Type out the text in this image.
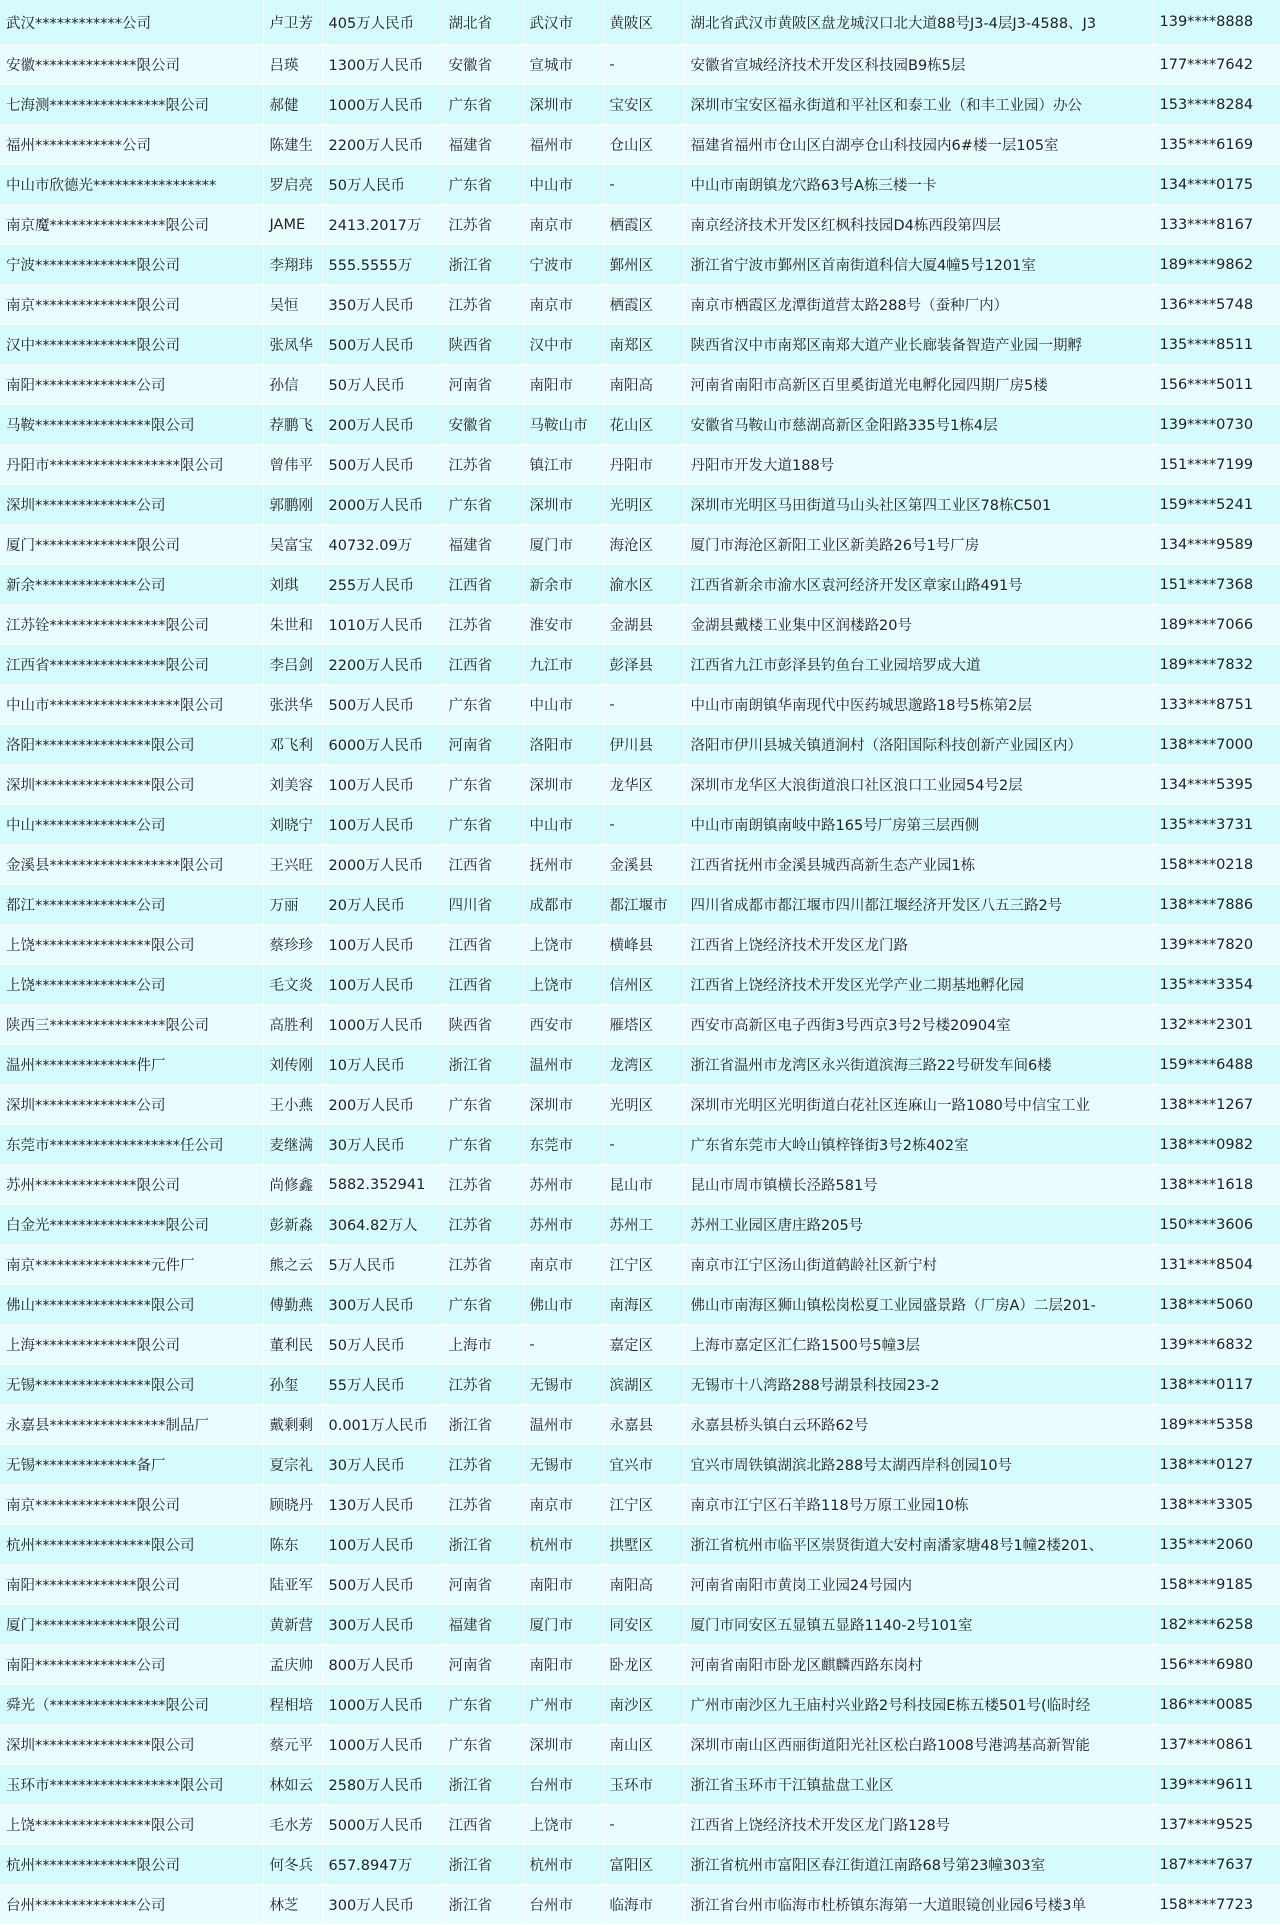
武汉************公司	卢卫芳	405万人民币	湖北省	武汉市	黄陂区	湖北省武汉市黄陂区盘龙城汉口北大道88号J3-4层J3-4588、J3	139****8888
安徽**************限公司	吕瑛	1300万人民币	安徽省	宣城市	-	安徽省宣城经济技术开发区科技园B9栋5层	177****7642
七海测****************限公司	郝健	1000万人民币	广东省	深圳市	宝安区	深圳市宝安区福永街道和平社区和泰工业（和丰工业园）办公	153****8284
福州************公司	陈建生	2200万人民币	福建省	福州市	仓山区	福建省福州市仓山区白湖亭仓山科技园内6#楼一层105室	135****6169
中山市欣德光*****************	罗启亮	50万人民币	广东省	中山市	-	中山市南朗镇龙穴路63号A栋三楼一卡	134****0175
南京魔****************限公司	JAME	2413.2017万	江苏省	南京市	栖霞区	南京经济技术开发区红枫科技园D4栋西段第四层	133****8167
宁波**************限公司	李翔玮	555.5555万	浙江省	宁波市	鄞州区	浙江省宁波市鄞州区首南街道科信大厦4幢5号1201室	189****9862
南京**************限公司	吴恒	350万人民币	江苏省	南京市	栖霞区	南京市栖霞区龙潭街道营太路288号（蚕种厂内）	136****5748
汉中**************限公司	张凤华	500万人民币	陕西省	汉中市	南郑区	陕西省汉中市南郑区南郑大道产业长廊装备智造产业园一期孵	135****8511
南阳**************公司	孙信	50万人民币	河南省	南阳市	南阳高	河南省南阳市高新区百里奚街道光电孵化园四期厂房5楼	156****5011
马鞍****************限公司	荐鹏飞	200万人民币	安徽省	马鞍山市	花山区	安徽省马鞍山市慈湖高新区金阳路335号1栋4层	139****0730
丹阳市******************限公司	曾伟平	500万人民币	江苏省	镇江市	丹阳市	丹阳市开发大道188号	151****7199
深圳**************公司	郭鹏刚	2000万人民币	广东省	深圳市	光明区	深圳市光明区马田街道马山头社区第四工业区78栋C501	159****5241
厦门**************限公司	吴富宝	40732.09万	福建省	厦门市	海沧区	厦门市海沧区新阳工业区新美路26号1号厂房	134****9589
新余**************公司	刘琪	255万人民币	江西省	新余市	渝水区	江西省新余市渝水区袁河经济开发区章家山路491号	151****7368
江苏铨****************限公司	朱世和	1010万人民币	江苏省	淮安市	金湖县	金湖县戴楼工业集中区润楼路20号	189****7066
江西省****************限公司	李吕剑	2200万人民币	江西省	九江市	彭泽县	江西省九江市彭泽县钓鱼台工业园培罗成大道	189****7832
中山市******************限公司	张洪华	500万人民币	广东省	中山市	-	中山市南朗镇华南现代中医药城思邈路18号5栋第2层	133****8751
洛阳****************限公司	邓飞利	6000万人民币	河南省	洛阳市	伊川县	洛阳市伊川县城关镇逍涧村（洛阳国际科技创新产业园区内）	138****7000
深圳****************限公司	刘美容	100万人民币	广东省	深圳市	龙华区	深圳市龙华区大浪街道浪口社区浪口工业园54号2层	134****5395
中山**************公司	刘晓宁	100万人民币	广东省	中山市	-	中山市南朗镇南岐中路165号厂房第三层西侧	135****3731
金溪县******************限公司	王兴旺	2000万人民币	江西省	抚州市	金溪县	江西省抚州市金溪县城西高新生态产业园1栋	158****0218
都江**************公司	万丽	20万人民币	四川省	成都市	都江堰市	四川省成都市都江堰市四川都江堰经济开发区八五三路2号	138****7886
上饶****************限公司	蔡珍珍	100万人民币	江西省	上饶市	横峰县	江西省上饶经济技术开发区龙门路	139****7820
上饶**************公司	毛文炎	100万人民币	江西省	上饶市	信州区	江西省上饶经济技术开发区光学产业二期基地孵化园	135****3354
陕西三****************限公司	高胜利	1000万人民币	陕西省	西安市	雁塔区	西安市高新区电子西街3号西京3号2号楼20904室	132****2301
温州**************件厂	刘传刚	10万人民币	浙江省	温州市	龙湾区	浙江省温州市龙湾区永兴街道滨海三路22号研发车间6楼	159****6488
深圳**************公司	王小燕	200万人民币	广东省	深圳市	光明区	深圳市光明区光明街道白花社区连麻山一路1080号中信宝工业	138****1267
东莞市******************任公司	麦继满	30万人民币	广东省	东莞市	-	广东省东莞市大岭山镇梓锋街3号2栋402室	138****0982
苏州**************限公司	尚修鑫	5882.352941	江苏省	苏州市	昆山市	昆山市周市镇横长泾路581号	138****1618
白金光****************限公司	彭新淼	3064.82万人	江苏省	苏州市	苏州工	苏州工业园区唐庄路205号	150****3606
南京****************元件厂	熊之云	5万人民币	江苏省	南京市	江宁区	南京市江宁区汤山街道鹤龄社区新宁村	131****8504
佛山****************限公司	傅勤燕	300万人民币	广东省	佛山市	南海区	佛山市南海区狮山镇松岗松夏工业园盛景路（厂房A）二层201-	138****5060
上海**************限公司	董利民	50万人民币	上海市	-	嘉定区	上海市嘉定区汇仁路1500号5幢3层	139****6832
无锡****************限公司	孙玺	55万人民币	江苏省	无锡市	滨湖区	无锡市十八湾路288号湖景科技园23-2	138****0117
永嘉县****************制品厂	戴剩剩	0.001万人民币	浙江省	温州市	永嘉县	永嘉县桥头镇白云环路62号	189****5358
无锡**************备厂	夏宗礼	30万人民币	江苏省	无锡市	宜兴市	宜兴市周铁镇湖滨北路288号太湖西岸科创园10号	138****0127
南京**************限公司	顾晓丹	130万人民币	江苏省	南京市	江宁区	南京市江宁区石羊路118号万原工业园10栋	138****3305
杭州****************限公司	陈东	100万人民币	浙江省	杭州市	拱墅区	浙江省杭州市临平区崇贤街道大安村南潘家塘48号1幢2楼201、	135****2060
南阳**************限公司	陆亚军	500万人民币	河南省	南阳市	南阳高	河南省南阳市黄岗工业园24号园内	158****9185
厦门**************限公司	黄新营	300万人民币	福建省	厦门市	同安区	厦门市同安区五显镇五显路1140-2号101室	182****6258
南阳**************公司	孟庆帅	800万人民币	河南省	南阳市	卧龙区	河南省南阳市卧龙区麒麟西路东岗村	156****6980
舜光（****************限公司	程相培	1000万人民币	广东省	广州市	南沙区	广州市南沙区九王庙村兴业路2号科技园E栋五楼501号(临时经	186****0085
深圳****************限公司	蔡元平	1000万人民币	广东省	深圳市	南山区	深圳市南山区西丽街道阳光社区松白路1008号港鸿基高新智能	137****0861
玉环市******************限公司	林如云	2580万人民币	浙江省	台州市	玉环市	浙江省玉环市干江镇盐盘工业区	139****9611
上饶****************限公司	毛水芳	5000万人民币	江西省	上饶市	-	江西省上饶经济技术开发区龙门路128号	137****9525
杭州**************限公司	何冬兵	657.8947万	浙江省	杭州市	富阳区	浙江省杭州市富阳区春江街道江南路68号第23幢303室	187****7637
台州**************公司	林芝	300万人民币	浙江省	台州市	临海市	浙江省台州市临海市杜桥镇东海第一大道眼镜创业园6号楼3单	158****7723
